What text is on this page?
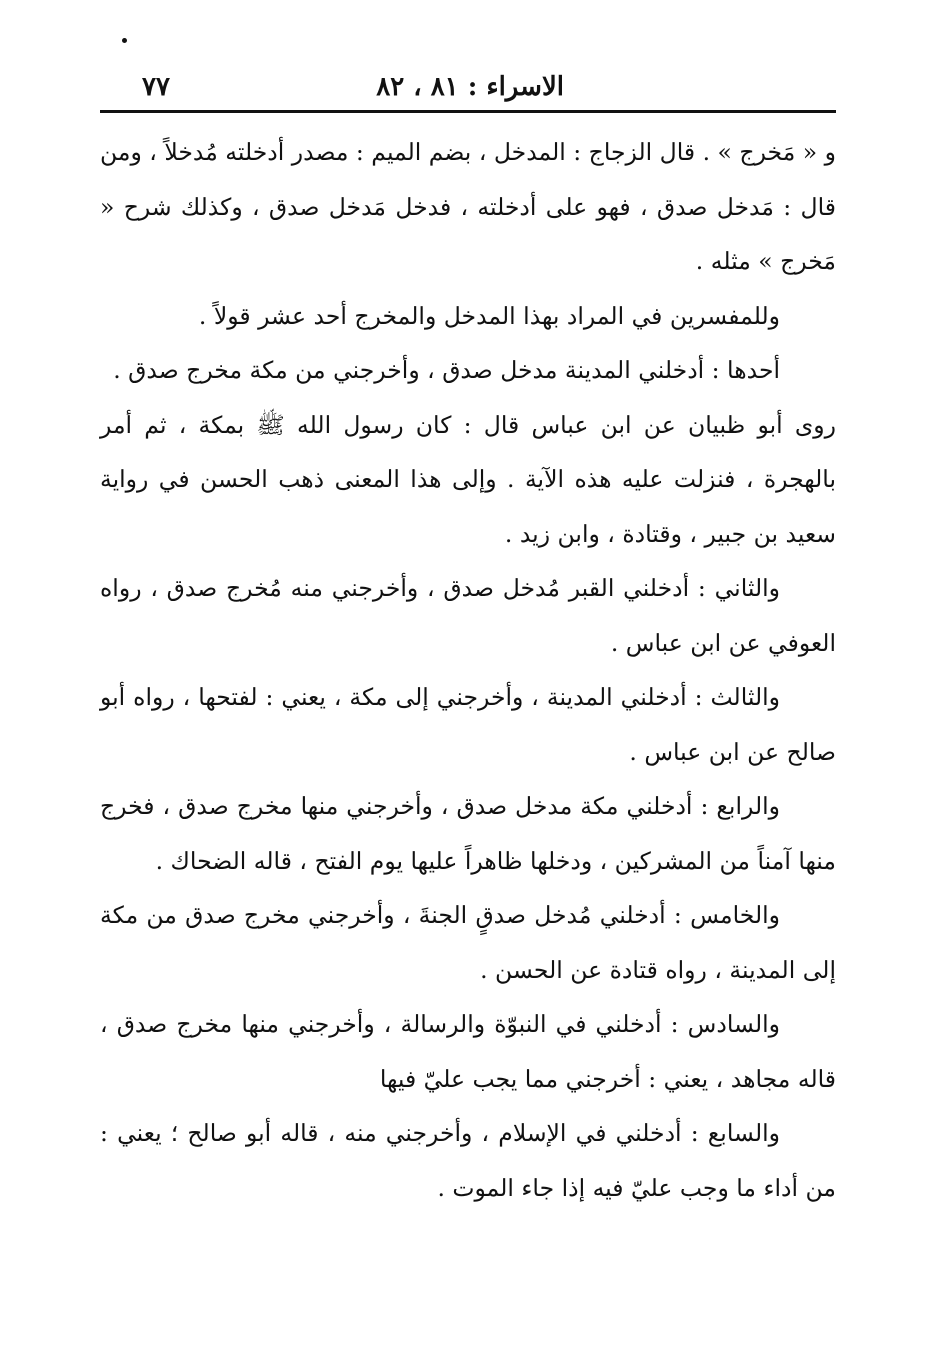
الاسراء : ٨١ ، ٨٢
٧٧

و « مَخرج » . قال الزجاج : المدخل ، بضم الميم : مصدر أدخلته مُدخلاً ، ومن قال : مَدخل صدق ، فهو على أدخلته ، فدخل مَدخل صدق ، وكذلك شرح « مَخرج » مثله .

وللمفسرين في المراد بهذا المدخل والمخرج أحد عشر قولاً .

أحدها : أدخلني المدينة مدخل صدق ، وأخرجني من مكة مخرج صدق .

روى أبو ظبيان عن ابن عباس قال : كان رسول الله ﷺ بمكة ، ثم أمر بالهجرة ، فنزلت عليه هذه الآية . وإلى هذا المعنى ذهب الحسن في رواية سعيد بن جبير ، وقتادة ، وابن زيد .

والثاني : أدخلني القبر مُدخل صدق ، وأخرجني منه مُخرج صدق ، رواه العوفي عن ابن عباس .

والثالث : أدخلني المدينة ، وأخرجني إلى مكة ، يعني : لفتحها ، رواه أبو صالح عن ابن عباس .

والرابع : أدخلني مكة مدخل صدق ، وأخرجني منها مخرج صدق ، فخرج منها آمناً من المشركين ، ودخلها ظاهراً عليها يوم الفتح ، قاله الضحاك .

والخامس : أدخلني مُدخل صدقٍ الجنةَ ، وأخرجني مخرج صدق من مكة إلى المدينة ، رواه قتادة عن الحسن .

والسادس : أدخلني في النبوّة والرسالة ، وأخرجني منها مخرج صدق ، قاله مجاهد ، يعني : أخرجني مما يجب عليّ فيها

والسابع : أدخلني في الإسلام ، وأخرجني منه ، قاله أبو صالح ؛ يعني : من أداء ما وجب عليّ فيه إذا جاء الموت .
